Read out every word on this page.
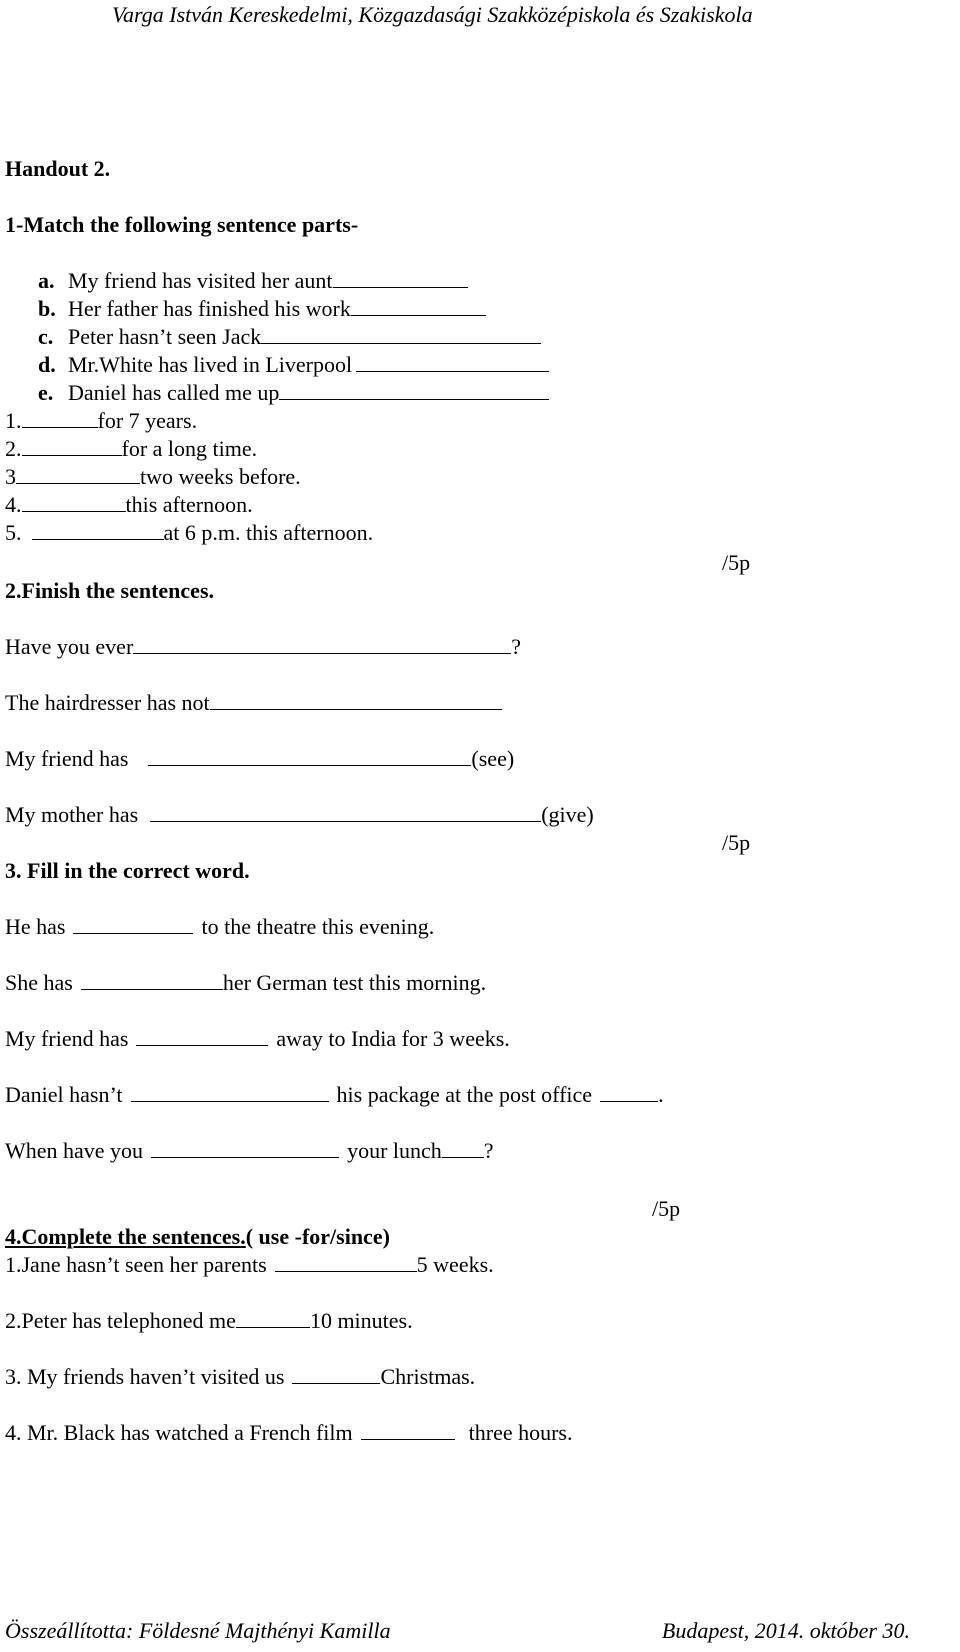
Varga István Kereskedelmi, Közgazdasági Szakközépiskola és Szakiskola
Handout 2.
1-Match the following sentence parts-
a. My friend has visited her aunt
b. Her father has finished his work
c. Peter hasn’t seen Jack
d. Mr.White has lived in Liverpool
e. Daniel has called me up
1.	for 7 years.
2.	for a long time.
3	two weeks before.
4.	this afternoon.
5.	at 6 p.m. this afternoon.
/5p
2.Finish the sentences.
Have you ever	?
The hairdresser has not
My friend has	(see)
My mother has	(give)
/5p
3. Fill in the correct word.
He has	to the theatre this evening.
She has	her German test this morning.
My friend has	away to India for 3 weeks.
Daniel hasn’t	his package at the post office	.
When have you	your lunch ?
/5p
4.Complete the sentences.( use -for/since)
1.Jane hasn’t seen her parents	5 weeks.
2.Peter has telephoned me	10 minutes.
3. My friends haven’t visited us	Christmas.
4. Mr. Black has watched a French film	three hours.
Összeállította: Földesné Majthényi Kamilla	Budapest, 2014. október 30.
